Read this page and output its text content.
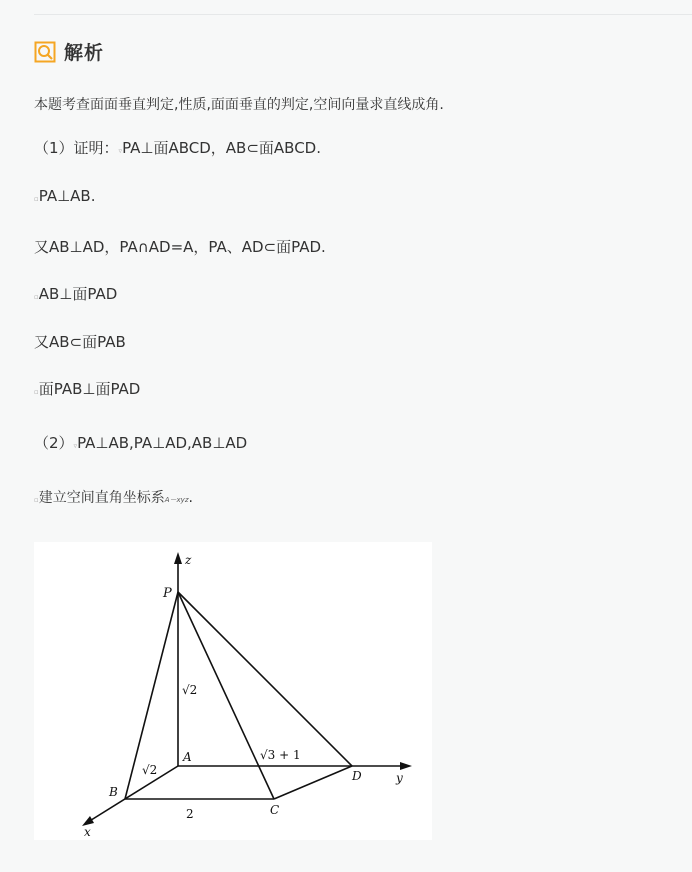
解析
本题考查面面垂直判定,性质,面面垂直的判定,空间向量求直线成角.
（1）证明：▿PA⊥面ABCD，AB⊂面ABCD.
▫PA⊥AB.
又AB⊥AD，PA∩AD=A，PA、AD⊂面PAD.
▫AB⊥面PAD
又AB⊂面PAB
▫面PAB⊥面PAD
（2）▿PA⊥AB,PA⊥AD,AB⊥AD
▫建立空间直角坐标系A－xyz.
z
y
x
P
A
B
C
D
√2
√2
2
√3 + 1
